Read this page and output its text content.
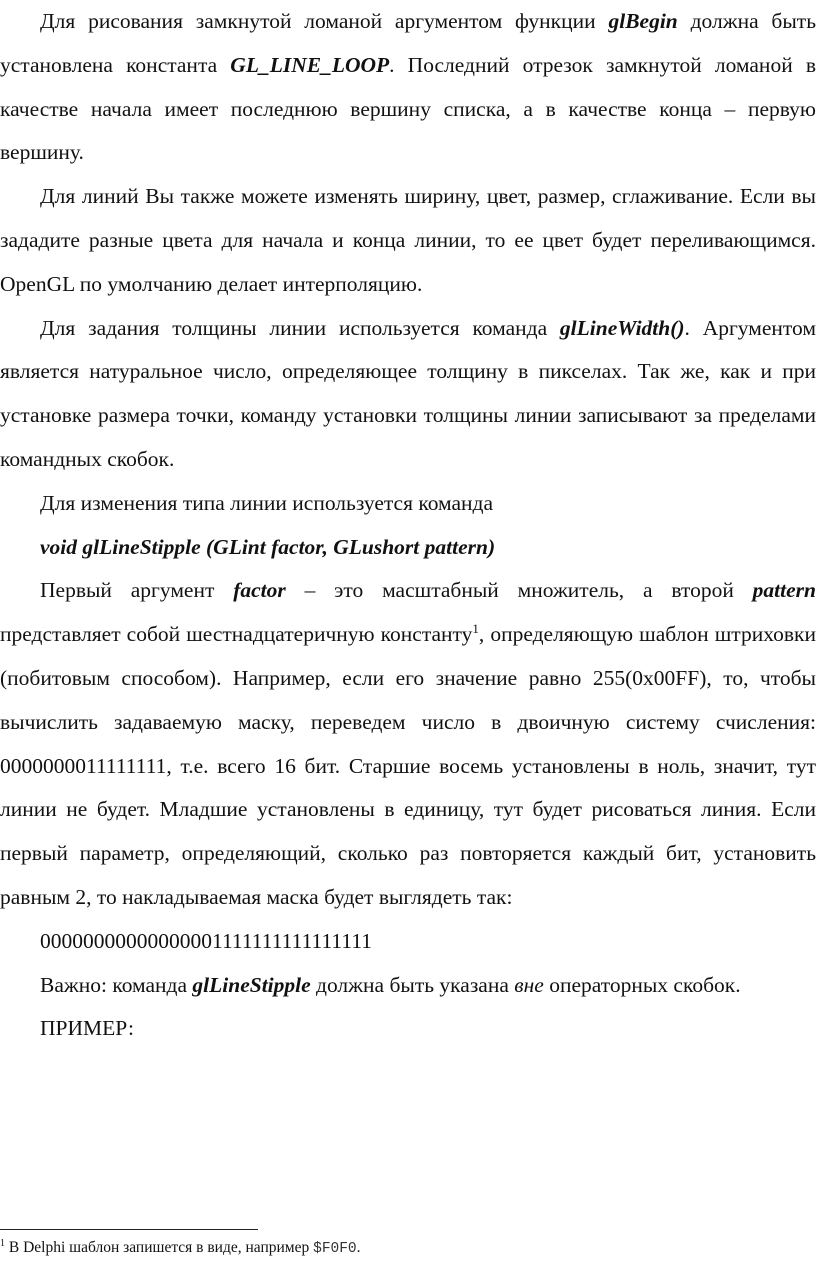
Для рисования замкнутой ломаной аргументом функции glBegin должна быть установлена константа GL_LINE_LOOP. Последний отрезок замкнутой ломаной в качестве начала имеет последнюю вершину списка, а в качестве конца – первую вершину.

Для линий Вы также можете изменять ширину, цвет, размер, сглаживание. Если вы зададите разные цвета для начала и конца линии, то ее цвет будет переливающимся. OpenGL по умолчанию делает интерполяцию.

Для задания толщины линии используется команда glLineWidth(). Аргументом является натуральное число, определяющее толщину в пикселах. Так же, как и при установке размера точки, команду установки толщины линии записывают за пределами командных скобок.

Для изменения типа линии используется команда

void glLineStipple (GLint factor, GLushort pattern)

Первый аргумент factor – это масштабный множитель, а второй pattern представляет собой шестнадцатеричную константу$^1$, определяющую шаблон штриховки (побитовым способом). Например, если его значение равно 255(0x00FF), то, чтобы вычислить задаваемую маску, переведем число в двоичную систему счисления: 0000000011111111, т.е. всего 16 бит. Старшие восемь установлены в ноль, значит, тут линии не будет. Младшие установлены в единицу, тут будет рисоваться линия. Если первый параметр, определяющий, сколько раз повторяется каждый бит, установить равным 2, то накладываемая маска будет выглядеть так:

00000000000000001111111111111111

Важно: команда glLineStipple должна быть указана вне операторных скобок.

ПРИМЕР:

$^1$ В Delphi шаблон запишется в виде, например $F0F0.
